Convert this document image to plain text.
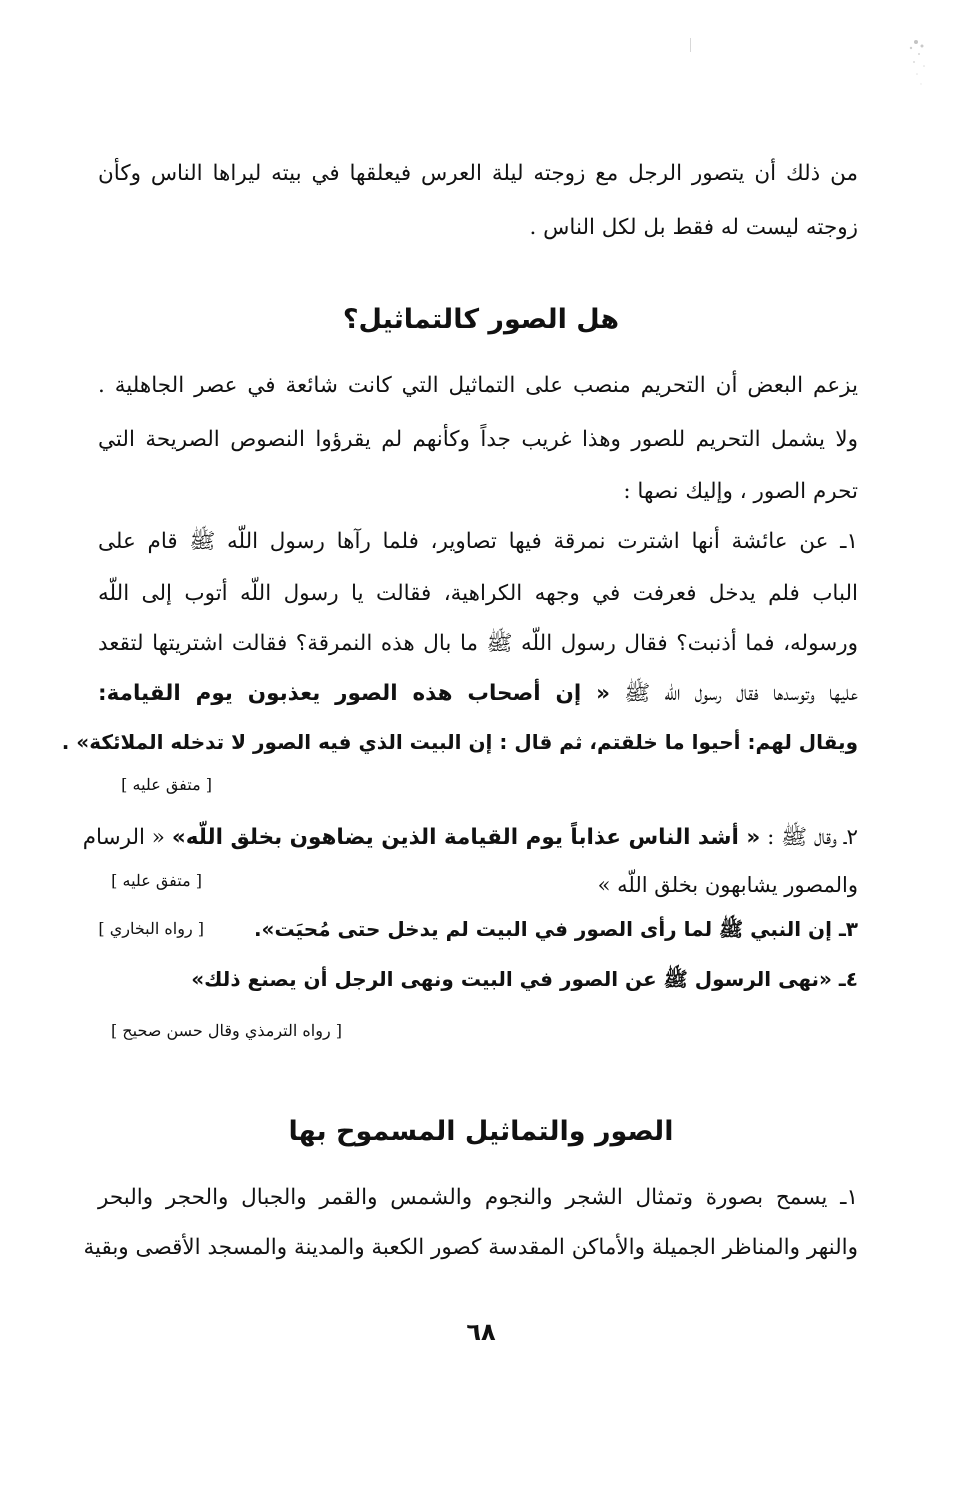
من ذلك أن يتصور الرجل مع زوجته ليلة العرس فيعلقها في بيته ليراها الناس وكأن
زوجته ليست له فقط بل لكل الناس .
هل الصور كالتماثيل؟
يزعم البعض أن التحريم منصب على التماثيل التي كانت شائعة في عصر الجاهلية .
ولا يشمل التحريم للصور وهذا غريب جداً وكأنهم لم يقرؤوا النصوص الصريحة التي
تحرم الصور ، وإليك نصها :
١ـ عن عائشة أنها اشترت نمرقة فيها تصاوير، فلما رآها رسول اللّه ﷺ قام على
الباب فلم يدخل فعرفت في وجهه الكراهية، فقالت يا رسول اللّه أتوب إلى اللّه
ورسوله، فما أذنبت؟ فقال رسول اللّه ﷺ ما بال هذه النمرقة؟ فقالت اشتريتها لتقعد
عليها وتوسدها فقال رسول اللّه ﷺ « إن أصحاب هذه الصور يعذبون يوم القيامة:
ويقال لهم: أحيوا ما خلقتم، ثم قال : إن البيت الذي فيه الصور لا تدخله الملائكة» .
[ متفق عليه ]
٢ـ وقال ﷺ : « أشد الناس عذاباً يوم القيامة الذين يضاهون بخلق اللّه» « الرسام
والمصور يشابهون بخلق اللّه »
[ متفق عليه ]
٣ـ إن النبي ﷺ لما رأى الصور في البيت لم يدخل حتى مُحيَت».
[ رواه البخاري ]
٤ـ «نهى الرسول ﷺ عن الصور في البيت ونهى الرجل أن يصنع ذلك»
[ رواه الترمذي وقال حسن صحيح ]
الصور والتماثيل المسموح بها
١ـ يسمح بصورة وتمثال الشجر والنجوم والشمس والقمر والجبال والحجر والبحر
والنهر والمناظر الجميلة والأماكن المقدسة كصور الكعبة والمدينة والمسجد الأقصى وبقية
٦٨
